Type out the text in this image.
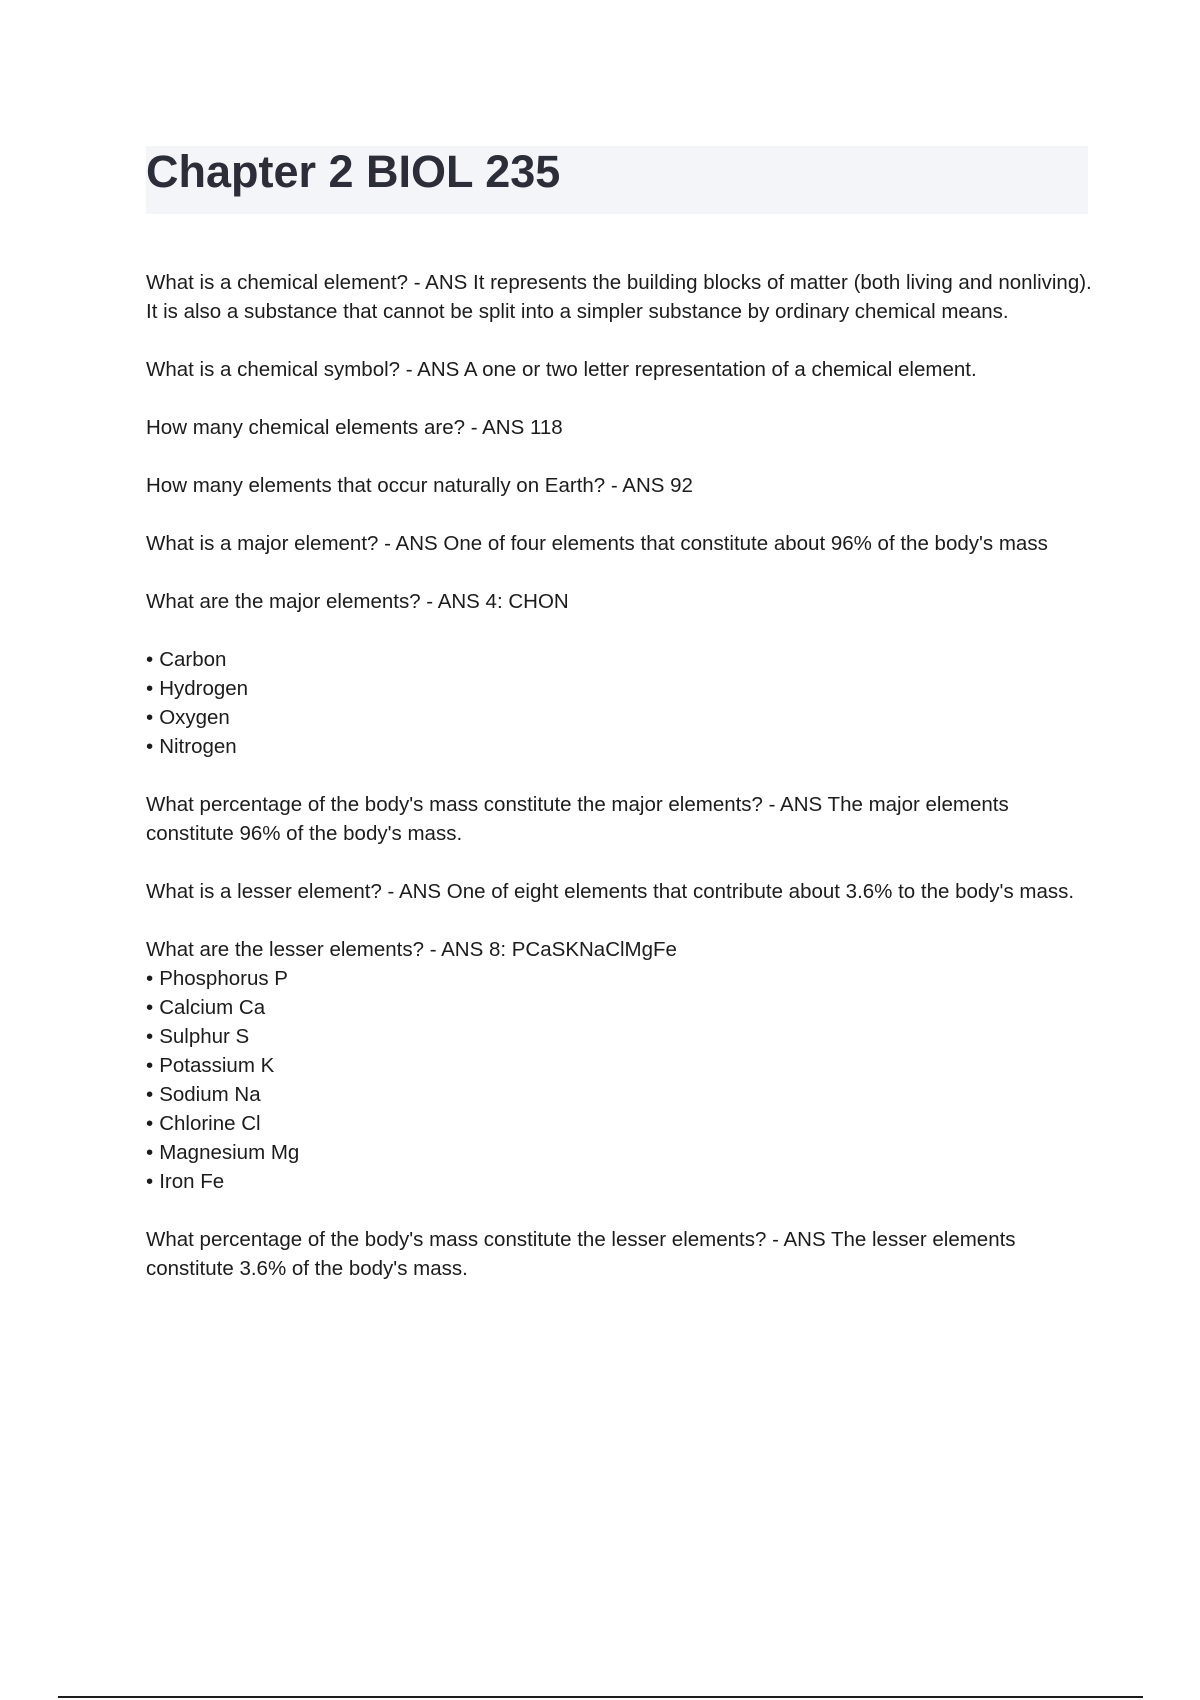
Chapter 2 BIOL 235

What is a chemical element? - ANS It represents the building blocks of matter (both living and nonliving). It is also a substance that cannot be split into a simpler substance by ordinary chemical means.

What is a chemical symbol? - ANS A one or two letter representation of a chemical element.

How many chemical elements are? - ANS 118

How many elements that occur naturally on Earth? - ANS 92

What is a major element? - ANS One of four elements that constitute about 96% of the body's mass

What are the major elements? - ANS 4: CHON

• Carbon
• Hydrogen
• Oxygen
• Nitrogen

What percentage of the body's mass constitute the major elements? - ANS The major elements constitute 96% of the body's mass.

What is a lesser element? - ANS One of eight elements that contribute about 3.6% to the body's mass.

What are the lesser elements? - ANS 8: PCaSKNaClMgFe

• Phosphorus P
• Calcium Ca
• Sulphur S
• Potassium K
• Sodium Na
• Chlorine Cl
• Magnesium Mg
• Iron Fe

What percentage of the body's mass constitute the lesser elements? - ANS The lesser elements constitute 3.6% of the body's mass.
